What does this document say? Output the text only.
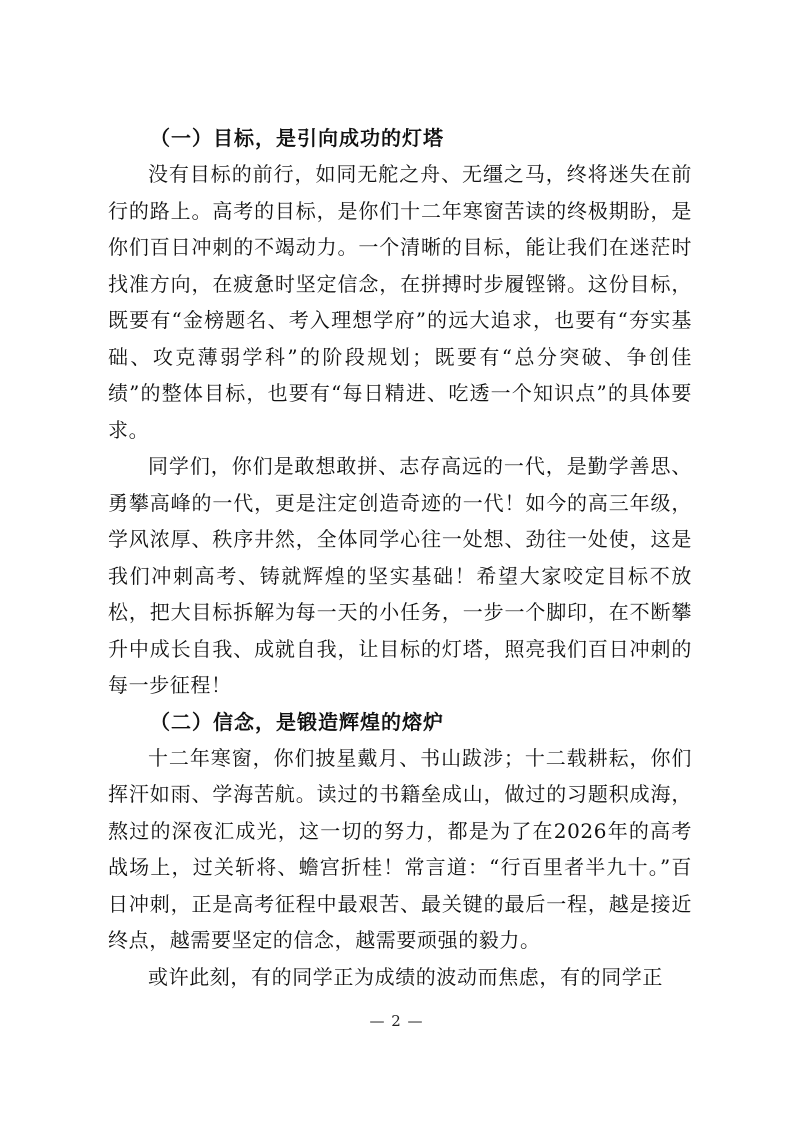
（一）目标，是引向成功的灯塔

没有目标的前行，如同无舵之舟、无缰之马，终将迷失在前行的路上。高考的目标，是你们十二年寒窗苦读的终极期盼，是你们百日冲刺的不竭动力。一个清晰的目标，能让我们在迷茫时找准方向，在疲惫时坚定信念，在拼搏时步履铿锵。这份目标，既要有“金榜题名、考入理想学府”的远大追求，也要有“夯实基础、攻克薄弱学科”的阶段规划；既要有“总分突破、争创佳绩”的整体目标，也要有“每日精进、吃透一个知识点”的具体要求。

同学们，你们是敢想敢拼、志存高远的一代，是勤学善思、勇攀高峰的一代，更是注定创造奇迹的一代！如今的高三年级，学风浓厚、秩序井然，全体同学心往一处想、劲往一处使，这是我们冲刺高考、铸就辉煌的坚实基础！希望大家咬定目标不放松，把大目标拆解为每一天的小任务，一步一个脚印，在不断攀升中成长自我、成就自我，让目标的灯塔，照亮我们百日冲刺的每一步征程！

（二）信念，是锻造辉煌的熔炉

十二年寒窗，你们披星戴月、书山跋涉；十二载耕耘，你们挥汗如雨、学海苦航。读过的书籍垒成山，做过的习题积成海，熬过的深夜汇成光，这一切的努力，都是为了在2026年的高考战场上，过关斩将、蟾宫折桂！常言道：“行百里者半九十。”百日冲刺，正是高考征程中最艰苦、最关键的最后一程，越是接近终点，越需要坚定的信念，越需要顽强的毅力。

或许此刻，有的同学正为成绩的波动而焦虑，有的同学正

— 2 —
